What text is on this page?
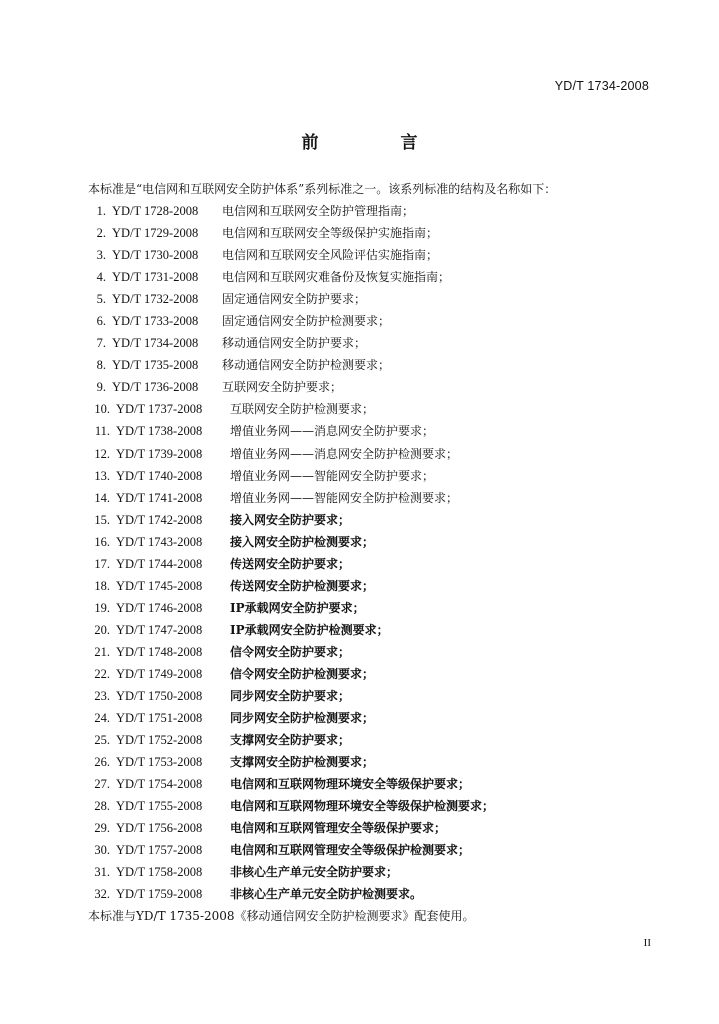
YD/T 1734-2008
前 言
本标准是“电信网和互联网安全防护体系”系列标准之一。该系列标准的结构及名称如下：
1. YD/T 1728-2008	电信网和互联网安全防护管理指南；
2. YD/T 1729-2008	电信网和互联网安全等级保护实施指南；
3. YD/T 1730-2008	电信网和互联网安全风险评估实施指南；
4. YD/T 1731-2008	电信网和互联网灾难备份及恢复实施指南；
5. YD/T 1732-2008	固定通信网安全防护要求；
6. YD/T 1733-2008	固定通信网安全防护检测要求；
7. YD/T 1734-2008	移动通信网安全防护要求；
8. YD/T 1735-2008	移动通信网安全防护检测要求；
9. YD/T 1736-2008	互联网安全防护要求；
10. YD/T 1737-2008	互联网安全防护检测要求；
11. YD/T 1738-2008	增值业务网——消息网安全防护要求；
12. YD/T 1739-2008	增值业务网——消息网安全防护检测要求；
13. YD/T 1740-2008	增值业务网——智能网安全防护要求；
14. YD/T 1741-2008	增值业务网——智能网安全防护检测要求；
15. YD/T 1742-2008	接入网安全防护要求；
16. YD/T 1743-2008	接入网安全防护检测要求；
17. YD/T 1744-2008	传送网安全防护要求；
18. YD/T 1745-2008	传送网安全防护检测要求；
19. YD/T 1746-2008	IP承载网安全防护要求；
20. YD/T 1747-2008	IP承载网安全防护检测要求；
21. YD/T 1748-2008	信令网安全防护要求；
22. YD/T 1749-2008	信令网安全防护检测要求；
23. YD/T 1750-2008	同步网安全防护要求；
24. YD/T 1751-2008	同步网安全防护检测要求；
25. YD/T 1752-2008	支撑网安全防护要求；
26. YD/T 1753-2008	支撑网安全防护检测要求；
27. YD/T 1754-2008	电信网和互联网物理环境安全等级保护要求；
28. YD/T 1755-2008	电信网和互联网物理环境安全等级保护检测要求；
29. YD/T 1756-2008	电信网和互联网管理安全等级保护要求；
30. YD/T 1757-2008	电信网和互联网管理安全等级保护检测要求；
31. YD/T 1758-2008	非核心生产单元安全防护要求；
32. YD/T 1759-2008	非核心生产单元安全防护检测要求。
本标准与YD/T 1735-2008《移动通信网安全防护检测要求》配套使用。
II
